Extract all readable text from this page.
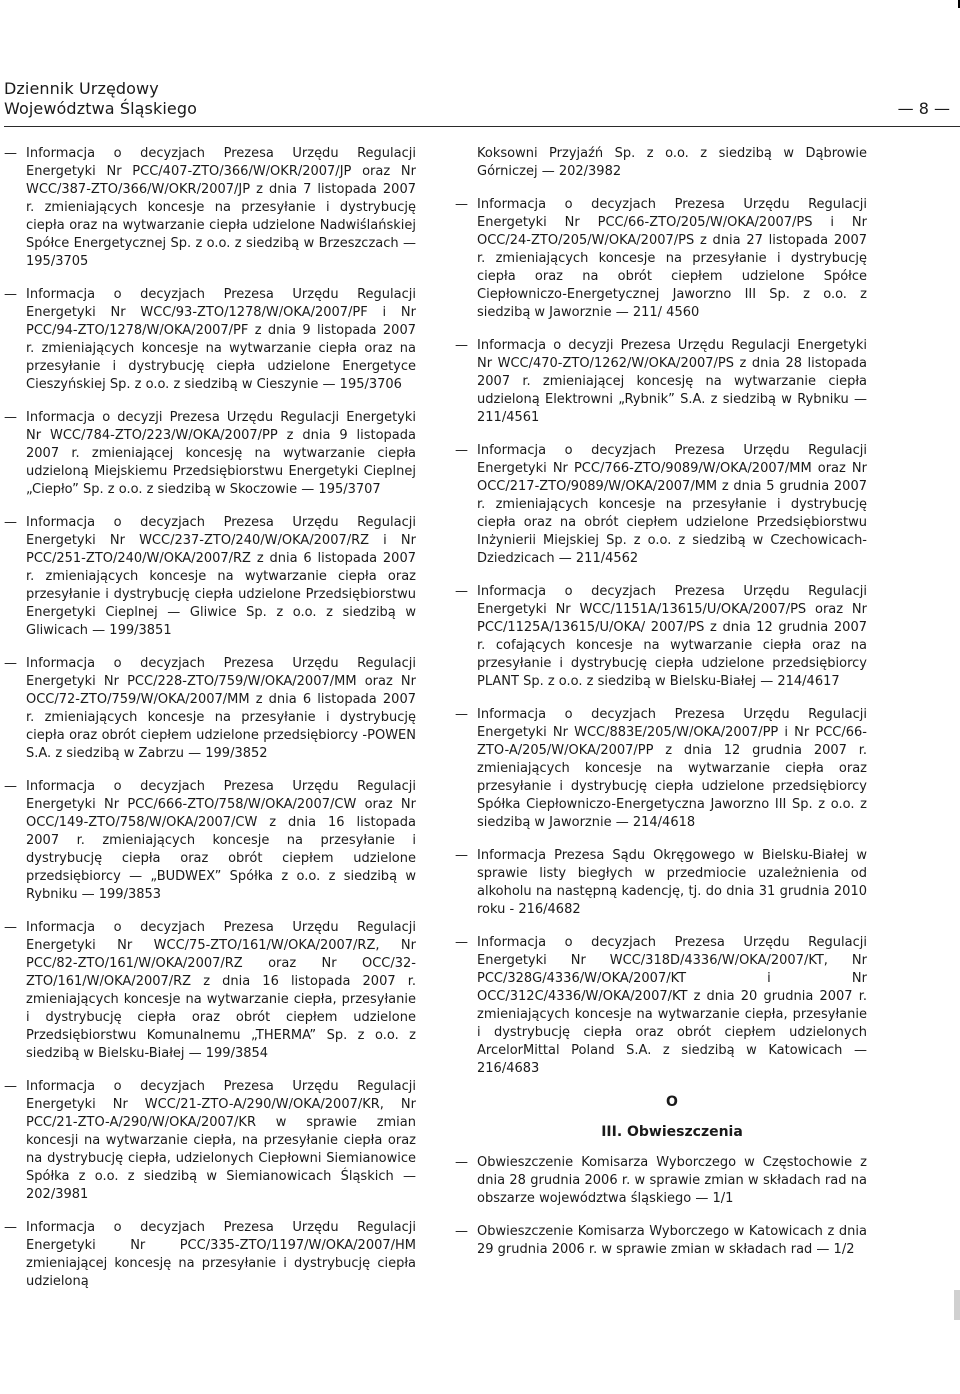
Dziennik Urzędowy
Województwa Śląskiego	— 8 —
— Informacja o decyzjach Prezesa Urzędu Regulacji Energetyki Nr PCC/407-ZTO/366/W/OKR/2007/JP oraz Nr WCC/387-ZTO/366/W/OKR/2007/JP z dnia 7 listopada 2007 r. zmieniających koncesje na przesyłanie i dystrybucję ciepła oraz na wytwarzanie ciepła udzielone Nadwiślańskiej Spółce Energetycznej Sp. z o.o. z siedzibą w Brzeszczach — 195/3705
— Informacja o decyzjach Prezesa Urzędu Regulacji Energetyki Nr WCC/93-ZTO/1278/W/OKA/2007/PF i Nr PCC/94-ZTO/1278/W/OKA/2007/PF z dnia 9 listopada 2007 r. zmieniających koncesje na wytwarzanie ciepła oraz na przesyłanie i dystrybucję ciepła udzielone Energetyce Cieszyńskiej Sp. z o.o. z siedzibą w Cieszynie — 195/3706
— Informacja o decyzji Prezesa Urzędu Regulacji Energetyki Nr WCC/784-ZTO/223/W/OKA/2007/PP z dnia 9 listopada 2007 r. zmieniającej koncesję na wytwarzanie ciepła udzieloną Miejskiemu Przedsiębiorstwu Energetyki Cieplnej „Ciepło” Sp. z o.o. z siedzibą w Skoczowie — 195/3707
— Informacja o decyzjach Prezesa Urzędu Regulacji Energetyki Nr WCC/237-ZTO/240/W/OKA/2007/RZ i Nr PCC/251-ZTO/240/W/OKA/2007/RZ z dnia 6 listopada 2007 r. zmieniających koncesje na wytwarzanie ciepła oraz przesyłanie i dystrybucję ciepła udzielone Przedsiębiorstwu Energetyki Cieplnej — Gliwice Sp. z o.o. z siedzibą w Gliwicach — 199/3851
— Informacja o decyzjach Prezesa Urzędu Regulacji Energetyki Nr PCC/228-ZTO/759/W/OKA/2007/MM oraz Nr OCC/72-ZTO/759/W/OKA/2007/MM z dnia 6 listopada 2007 r. zmieniających koncesje na przesyłanie i dystrybucję ciepła oraz obrót ciepłem udzielone przedsiębiorcy -POWEN S.A. z siedzibą w Zabrzu — 199/3852
— Informacja o decyzjach Prezesa Urzędu Regulacji Energetyki Nr PCC/666-ZTO/758/W/OKA/2007/CW oraz Nr OCC/149-ZTO/758/W/OKA/2007/CW z dnia 16 listopada 2007 r. zmieniających koncesje na przesyłanie i dystrybucję ciepła oraz obrót ciepłem udzielone przedsiębiorcy — „BUDWEX” Spółka z o.o. z siedzibą w Rybniku — 199/3853
— Informacja o decyzjach Prezesa Urzędu Regulacji Energetyki Nr WCC/75-ZTO/161/W/OKA/2007/RZ, Nr PCC/82-ZTO/161/W/OKA/2007/RZ oraz Nr OCC/32-ZTO/161/W/OKA/2007/RZ z dnia 16 listopada 2007 r. zmieniających koncesje na wytwarzanie ciepła, przesyłanie i dystrybucję ciepła oraz obrót ciepłem udzielone Przedsiębiorstwu Komunalnemu „THERMA” Sp. z o.o. z siedzibą w Bielsku-Białej — 199/3854
— Informacja o decyzjach Prezesa Urzędu Regulacji Energetyki Nr WCC/21-ZTO-A/290/W/OKA/2007/KR, Nr PCC/21-ZTO-A/290/W/OKA/2007/KR w sprawie zmian koncesji na wytwarzanie ciepła, na przesyłanie ciepła oraz na dystrybucję ciepła, udzielonych Ciepłowni Siemianowice Spółka z o.o. z siedzibą w Siemianowicach Śląskich — 202/3981
— Informacja o decyzjach Prezesa Urzędu Regulacji Energetyki Nr PCC/335-ZTO/1197/W/OKA/2007/HM zmieniającej koncesję na przesyłanie i dystrybucję ciepła udzieloną
Koksowni Przyjaźń Sp. z o.o. z siedzibą w Dąbrowie Górniczej — 202/3982
— Informacja o decyzjach Prezesa Urzędu Regulacji Energetyki Nr PCC/66-ZTO/205/W/OKA/2007/PS i Nr OCC/24-ZTO/205/W/OKA/2007/PS z dnia 27 listopada 2007 r. zmieniających koncesje na przesyłanie i dystrybucję ciepła oraz na obrót ciepłem udzielone Spółce Ciepłowniczo-Energetycznej Jaworzno III Sp. z o.o. z siedzibą w Jaworznie — 211/ 4560
— Informacja o decyzji Prezesa Urzędu Regulacji Energetyki Nr WCC/470-ZTO/1262/W/OKA/2007/PS z dnia 28 listopada 2007 r. zmieniającej koncesję na wytwarzanie ciepła udzieloną Elektrowni „Rybnik” S.A. z siedzibą w Rybniku — 211/4561
— Informacja o decyzjach Prezesa Urzędu Regulacji Energetyki Nr PCC/766-ZTO/9089/W/OKA/2007/MM oraz Nr OCC/217-ZTO/9089/W/OKA/2007/MM z dnia 5 grudnia 2007 r. zmieniających koncesje na przesyłanie i dystrybucję ciepła oraz na obrót ciepłem udzielone Przedsiębiorstwu Inżynierii Miejskiej Sp. z o.o. z siedzibą w Czechowicach-Dziedzicach — 211/4562
— Informacja o decyzjach Prezesa Urzędu Regulacji Energetyki Nr WCC/1151A/13615/U/OKA/2007/PS oraz Nr PCC/1125A/13615/U/OKA/ 2007/PS z dnia 12 grudnia 2007 r. cofających koncesje na wytwarzanie ciepła oraz na przesyłanie i dystrybucję ciepła udzielone przedsiębiorcy PLANT Sp. z o.o. z siedzibą w Bielsku-Białej — 214/4617
— Informacja o decyzjach Prezesa Urzędu Regulacji Energetyki Nr WCC/883E/205/W/OKA/2007/PP i Nr PCC/66-ZTO-A/205/W/OKA/2007/PP z dnia 12 grudnia 2007 r. zmieniających koncesje na wytwarzanie ciepła oraz przesyłanie i dystrybucję ciepła udzielone przedsiębiorcy Spółka Ciepłowniczo-Energetyczna Jaworzno III Sp. z o.o. z siedzibą w Jaworznie — 214/4618
— Informacja Prezesa Sądu Okręgowego w Bielsku-Białej w sprawie listy biegłych w przedmiocie uzależnienia od alkoholu na następną kadencję, tj. do dnia 31 grudnia 2010 roku - 216/4682
— Informacja o decyzjach Prezesa Urzędu Regulacji Energetyki Nr WCC/318D/4336/W/OKA/2007/KT, Nr PCC/328G/4336/W/OKA/2007/KT i Nr OCC/312C/4336/W/OKA/2007/KT z dnia 20 grudnia 2007 r. zmieniających koncesje na wytwarzanie ciepła, przesyłanie i dystrybucję ciepła oraz obrót ciepłem udzielonych ArcelorMittal Poland S.A. z siedzibą w Katowicach — 216/4683
O
III. Obwieszczenia
— Obwieszczenie Komisarza Wyborczego w Częstochowie z dnia 28 grudnia 2006 r. w sprawie zmian w składach rad na obszarze województwa śląskiego — 1/1
— Obwieszczenie Komisarza Wyborczego w Katowicach z dnia 29 grudnia 2006 r. w sprawie zmian w składach rad — 1/2
